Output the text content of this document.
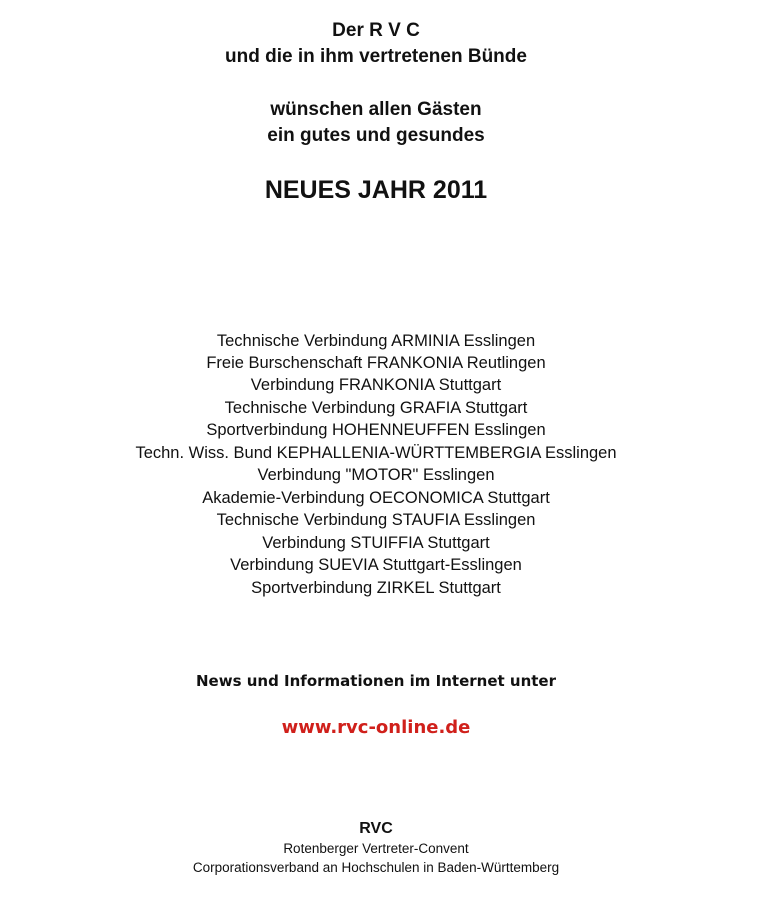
Der R V C
und die in ihm vertretenen Bünde
wünschen allen Gästen
ein gutes und gesundes
NEUES JAHR 2011
Technische Verbindung ARMINIA Esslingen
Freie Burschenschaft FRANKONIA Reutlingen
Verbindung FRANKONIA Stuttgart
Technische Verbindung GRAFIA Stuttgart
Sportverbindung HOHENNEUFFEN Esslingen
Techn. Wiss. Bund KEPHALLENIA-WÜRTTEMBERGIA Esslingen
Verbindung "MOTOR" Esslingen
Akademie-Verbindung OECONOMICA Stuttgart
Technische Verbindung STAUFIA Esslingen
Verbindung STUIFFIA Stuttgart
Verbindung SUEVIA Stuttgart-Esslingen
Sportverbindung ZIRKEL Stuttgart
News und Informationen im Internet unter
www.rvc-online.de
RVC
Rotenberger Vertreter-Convent
Corporationsverband an Hochschulen in Baden-Württemberg
